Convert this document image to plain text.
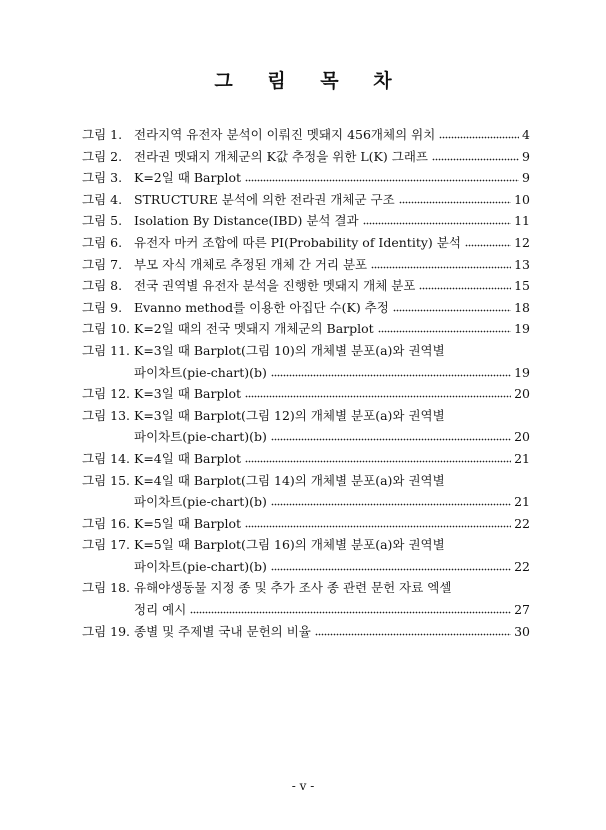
그 림 목 차
그림 1. 전라지역 유전자 분석이 이뤄진 멧돼지 456개체의 위치	4
그림 2. 전라권 멧돼지 개체군의 K값 추정을 위한 L(K) 그래프	9
그림 3. K=2일 때 Barplot	9
그림 4. STRUCTURE 분석에 의한 전라권 개체군 구조	10
그림 5. Isolation By Distance(IBD) 분석 결과	11
그림 6. 유전자 마커 조합에 따른 PI(Probability of Identity) 분석	12
그림 7. 부모 자식 개체로 추정된 개체 간 거리 분포	13
그림 8. 전국 권역별 유전자 분석을 진행한 멧돼지 개체 분포	15
그림 9. Evanno method를 이용한 아집단 수(K) 추정	18
그림 10. K=2일 때의 전국 멧돼지 개체군의 Barplot	19
그림 11. K=3일 때 Barplot(그림 10)의 개체별 분포(a)와 권역별
파이차트(pie-chart)(b)	19
그림 12. K=3일 때 Barplot	20
그림 13. K=3일 때 Barplot(그림 12)의 개체별 분포(a)와 권역별
파이차트(pie-chart)(b)	20
그림 14. K=4일 때 Barplot	21
그림 15. K=4일 때 Barplot(그림 14)의 개체별 분포(a)와 권역별
파이차트(pie-chart)(b)	21
그림 16. K=5일 때 Barplot	22
그림 17. K=5일 때 Barplot(그림 16)의 개체별 분포(a)와 권역별
파이차트(pie-chart)(b)	22
그림 18. 유해야생동물 지정 종 및 추가 조사 종 관련 문헌 자료 엑셀
정리 예시	27
그림 19. 종별 및 주제별 국내 문헌의 비율	30
- v -
